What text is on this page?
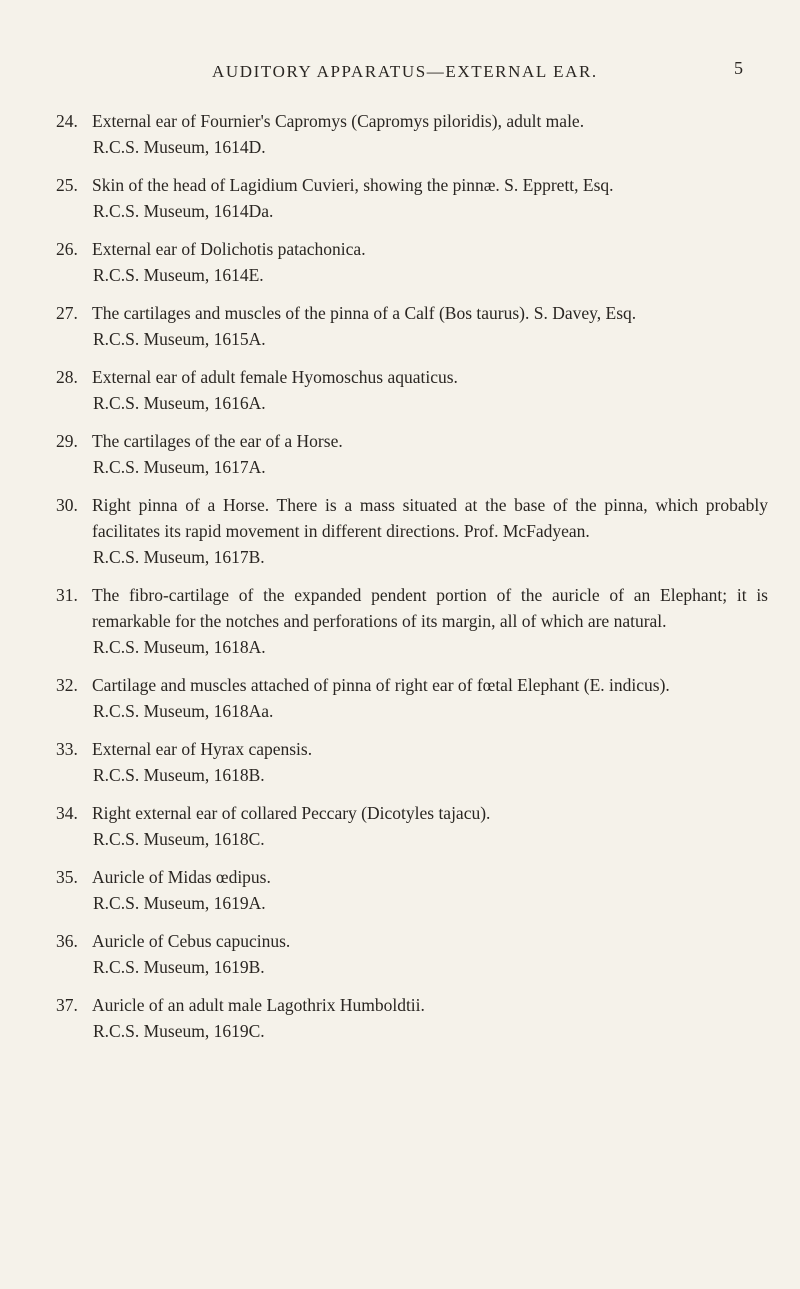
AUDITORY APPARATUS—EXTERNAL EAR.	5
24. External ear of Fournier's Capromys (Capromys piloridis), adult male.
R.C.S. Museum, 1614D.
25. Skin of the head of Lagidium Cuvieri, showing the pinnæ. S. Epprett, Esq.
R.C.S. Museum, 1614Da.
26. External ear of Dolichotis patachonica.
R.C.S. Museum, 1614E.
27. The cartilages and muscles of the pinna of a Calf (Bos taurus). S. Davey, Esq.
R.C.S. Museum, 1615A.
28. External ear of adult female Hyomoschus aquaticus.
R.C.S. Museum, 1616A.
29. The cartilages of the ear of a Horse.
R.C.S. Museum, 1617A.
30. Right pinna of a Horse. There is a mass situated at the base of the pinna, which probably facilitates its rapid movement in different directions. Prof. McFadyean.
R.C.S. Museum, 1617B.
31. The fibro-cartilage of the expanded pendent portion of the auricle of an Elephant; it is remarkable for the notches and perforations of its margin, all of which are natural.
R.C.S. Museum, 1618A.
32. Cartilage and muscles attached of pinna of right ear of fœtal Elephant (E. indicus).
R.C.S. Museum, 1618Aa.
33. External ear of Hyrax capensis.
R.C.S. Museum, 1618B.
34. Right external ear of collared Peccary (Dicotyles tajacu).
R.C.S. Museum, 1618C.
35. Auricle of Midas œdipus.
R.C.S. Museum, 1619A.
36. Auricle of Cebus capucinus.
R.C.S. Museum, 1619B.
37. Auricle of an adult male Lagothrix Humboldtii.
R.C.S. Museum, 1619C.
